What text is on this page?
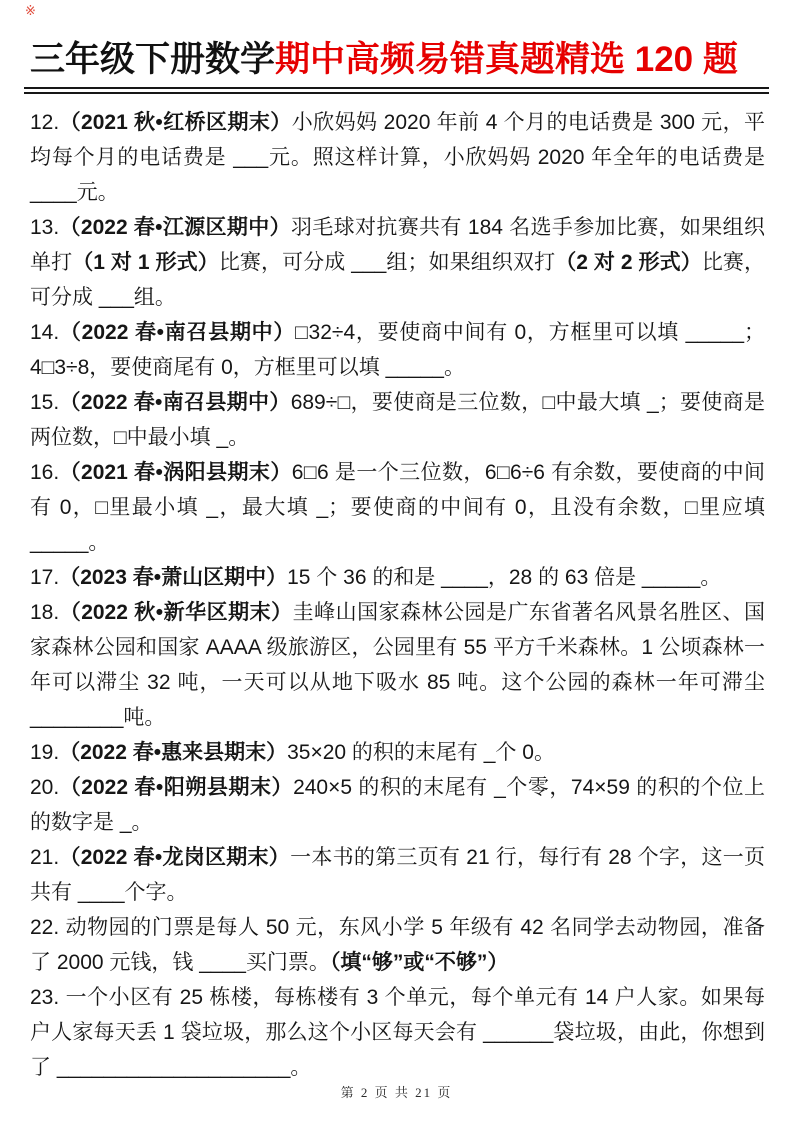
※
三年级下册数学期中高频易错真题精选 120 题

12.（2021 秋•红桥区期末）小欣妈妈 2020 年前 4 个月的电话费是 300 元，平均每个月的电话费是 ___元。照这样计算，小欣妈妈 2020 年全年的电话费是 ____元。

13.（2022 春•江源区期中）羽毛球对抗赛共有 184 名选手参加比赛，如果组织单打（1 对 1 形式）比赛，可分成 ___组；如果组织双打（2 对 2 形式）比赛，可分成 ___组。

14.（2022 春•南召县期中）□32÷4，要使商中间有 0，方框里可以填 _____；4□3÷8，要使商尾有 0，方框里可以填 _____。

15.（2022 春•南召县期中）689÷□，要使商是三位数，□中最大填 _；要使商是两位数，□中最小填 _。

16.（2021 春•涡阳县期末）6□6 是一个三位数，6□6÷6 有余数，要使商的中间有 0，□里最小填 _，最大填 _；要使商的中间有 0，且没有余数，□里应填 _____。

17.（2023 春•萧山区期中）15 个 36 的和是 ____，28 的 63 倍是 _____。

18.（2022 秋•新华区期末）圭峰山国家森林公园是广东省著名风景名胜区、国家森林公园和国家 AAAA 级旅游区，公园里有 55 平方千米森林。1 公顷森林一年可以滞尘 32 吨，一天可以从地下吸水 85 吨。这个公园的森林一年可滞尘 ________吨。

19.（2022 春•惠来县期末）35×20 的积的末尾有 _个 0。

20.（2022 春•阳朔县期末）240×5 的积的末尾有 _个零，74×59 的积的个位上的数字是 _。

21.（2022 春•龙岗区期末）一本书的第三页有 21 行，每行有 28 个字，这一页共有 ____个字。

22. 动物园的门票是每人 50 元，东风小学 5 年级有 42 名同学去动物园，准备了 2000 元钱，钱 ____买门票。（填“够”或“不够”）

23. 一个小区有 25 栋楼，每栋楼有 3 个单元，每个单元有 14 户人家。如果每户人家每天丢 1 袋垃圾，那么这个小区每天会有 ______袋垃圾，由此，你想到了 ____________________。

第 2 页 共 21 页
